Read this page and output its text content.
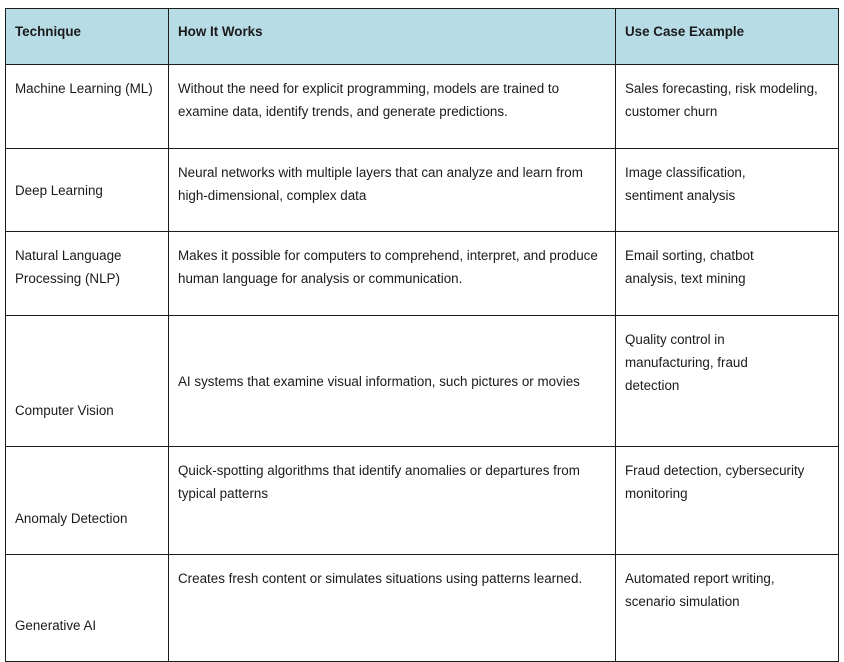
Technique	How It Works	Use Case Example

Machine Learning (ML)	Without the need for explicit programming, models are trained to examine data, identify trends, and generate predictions.	Sales forecasting, risk modeling, customer churn
Deep Learning	Neural networks with multiple layers that can analyze and learn from high-dimensional, complex data	Image classification, sentiment analysis

Natural Language Processing (NLP)	Makes it possible for computers to comprehend, interpret, and produce human language for analysis or communication.	Email sorting, chatbot analysis, text mining

Computer Vision	AI systems that examine visual information, such pictures or movies	Quality control in manufacturing, fraud detection

Anomaly Detection	Quick-spotting algorithms that identify anomalies or departures from typical patterns	Fraud detection, cybersecurity monitoring
Generative AI	Creates fresh content or simulates situations using patterns learned.	Automated report writing, scenario simulation
